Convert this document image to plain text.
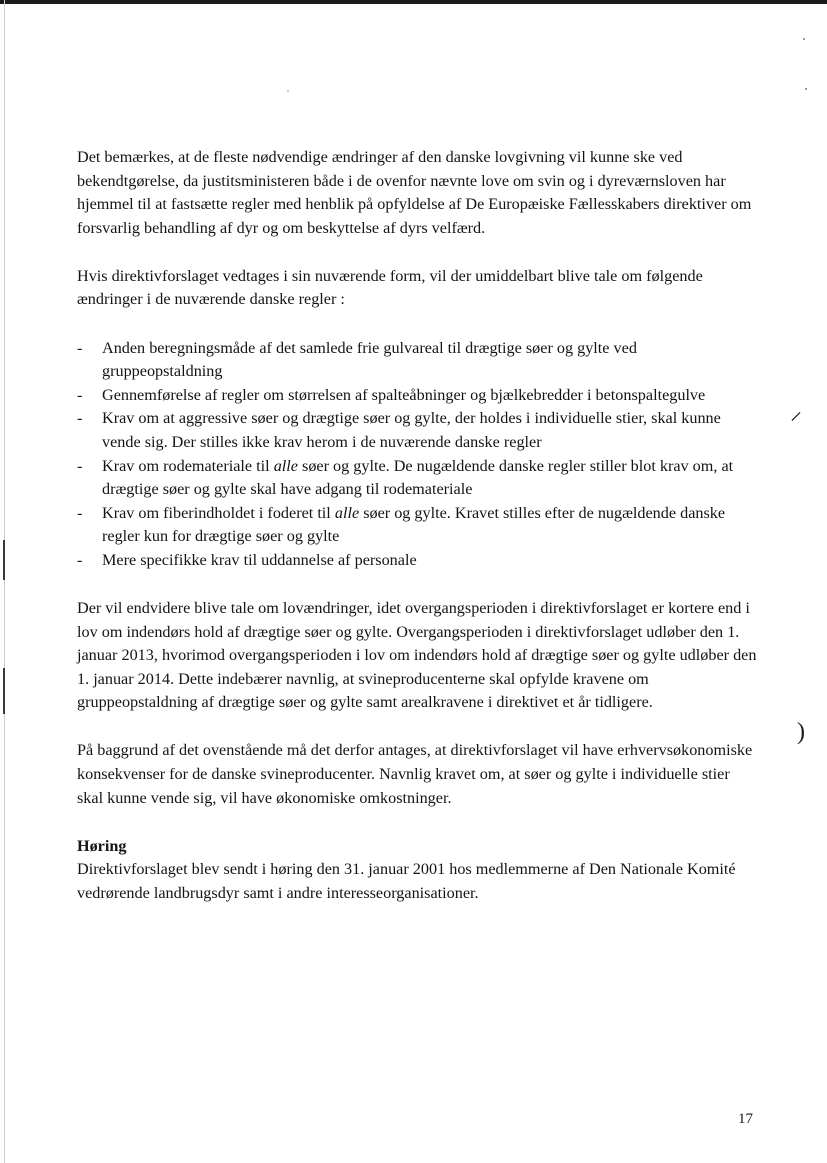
⸝
)

Det bemærkes, at de fleste nødvendige ændringer af den danske lovgivning vil kunne ske ved bekendtgørelse, da justitsministeren både i de ovenfor nævnte love om svin og i dyreværnsloven har hjemmel til at fastsætte regler med henblik på opfyldelse af De Europæiske Fællesskabers direktiver om forsvarlig behandling af dyr og om beskyttelse af dyrs velfærd.

Hvis direktivforslaget vedtages i sin nuværende form, vil der umiddelbart blive tale om følgende ændringer i de nuværende danske regler :

- Anden beregningsmåde af det samlede frie gulvareal til drægtige søer og gylte ved gruppeopstaldning
- Gennemførelse af regler om størrelsen af spalteåbninger og bjælkebredder i betonspaltegulve
- Krav om at aggressive søer og drægtige søer og gylte, der holdes i individuelle stier, skal kunne vende sig. Der stilles ikke krav herom i de nuværende danske regler
- Krav om rodemateriale til alle søer og gylte. De nugældende danske regler stiller blot krav om, at drægtige søer og gylte skal have adgang til rodemateriale
- Krav om fiberindholdet i foderet til alle søer og gylte. Kravet stilles efter de nugældende danske regler kun for drægtige søer og gylte
- Mere specifikke krav til uddannelse af personale

Der vil endvidere blive tale om lovændringer, idet overgangsperioden i direktivforslaget er kortere end i lov om indendørs hold af drægtige søer og gylte. Overgangsperioden i direktivforslaget udløber den 1. januar 2013, hvorimod overgangsperioden i lov om indendørs hold af drægtige søer og gylte udløber den 1. januar 2014. Dette indebærer navnlig, at svineproducenterne skal opfylde kravene om gruppeopstaldning af drægtige søer og gylte samt arealkravene i direktivet et år tidligere.

På baggrund af det ovenstående må det derfor antages, at direktivforslaget vil have erhvervsøkonomiske konsekvenser for de danske svineproducenter. Navnlig kravet om, at søer og gylte i individuelle stier skal kunne vende sig, vil have økonomiske omkostninger.

Høring

Direktivforslaget blev sendt i høring den 31. januar 2001 hos medlemmerne af Den Nationale Komité vedrørende landbrugsdyr samt i andre interesseorganisationer.

17
